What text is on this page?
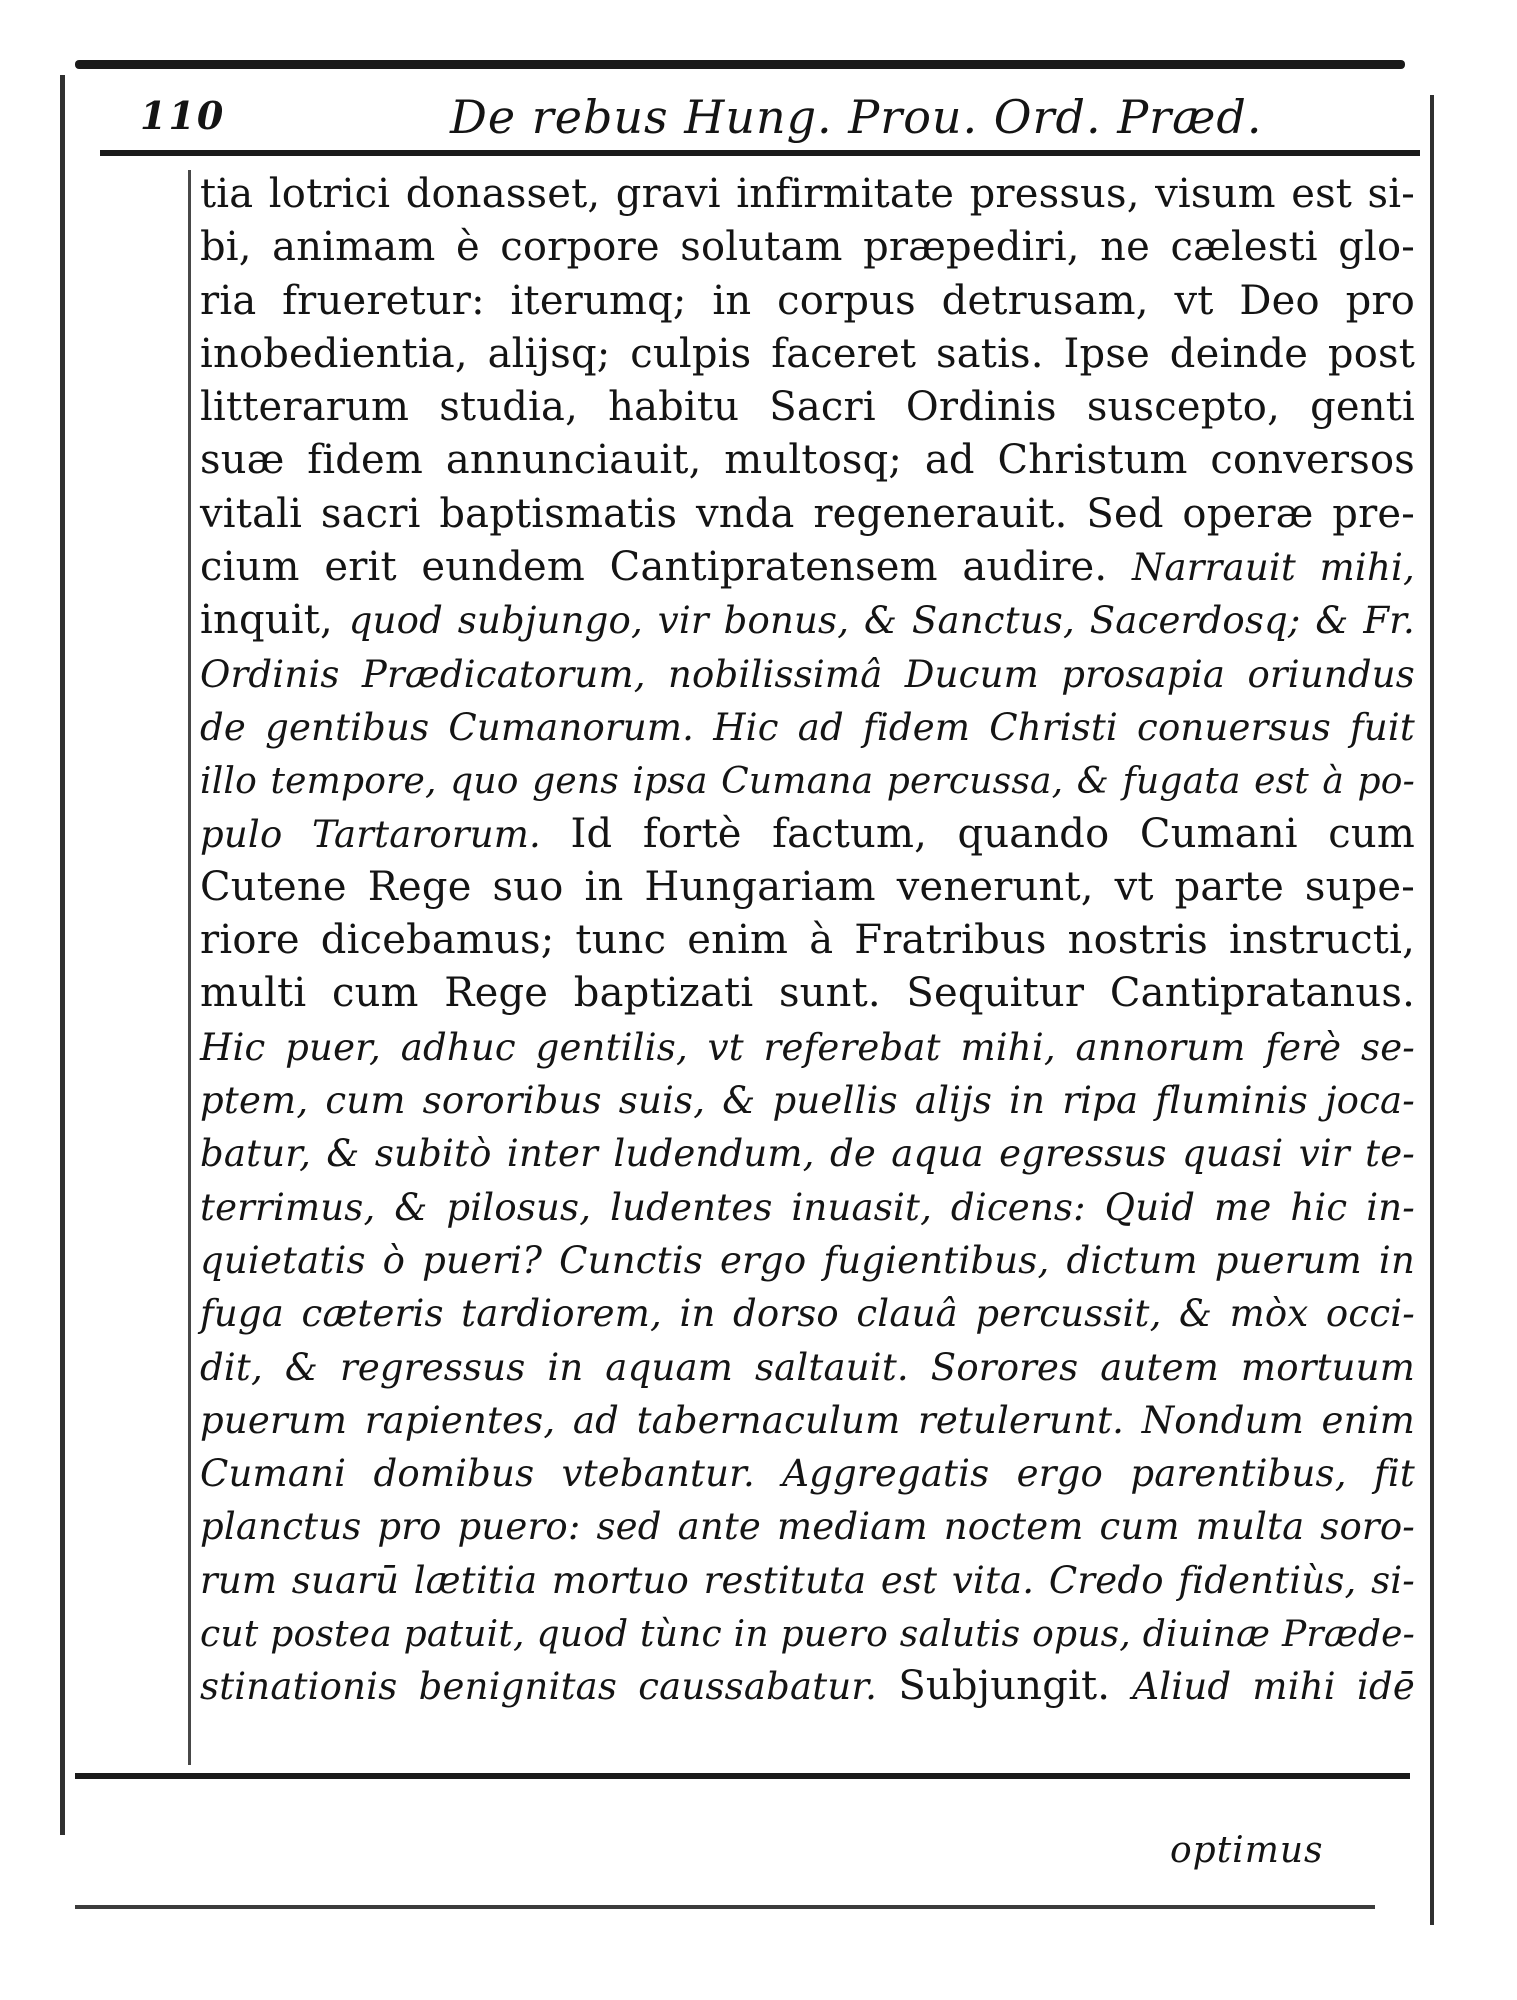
110	De rebus Hung. Prou. Ord. Præd.
tia lotrici donasset, gravi infirmitate pressus, visum est si-
bi, animam è corpore solutam præpediri, ne cælesti glo-
ria frueretur: iterumq; in corpus detrusam, vt Deo pro
inobedientia, alijsq; culpis faceret satis. Ipse deinde post
litterarum studia, habitu Sacri Ordinis suscepto, genti
suæ fidem annunciauit, multosq; ad Christum conversos
vitali sacri baptismatis vnda regenerauit. Sed operæ pre-
cium erit eundem Cantipratensem audire. Narrauit mihi,
inquit, quod subjungo, vir bonus, & Sanctus, Sacerdosq; & Fr.
Ordinis Prædicatorum, nobilissimâ Ducum prosapia oriundus
de gentibus Cumanorum. Hic ad fidem Christi conuersus fuit
illo tempore, quo gens ipsa Cumana percussa, & fugata est à po-
pulo Tartarorum. Id fortè factum, quando Cumani cum
Cutene Rege suo in Hungariam venerunt, vt parte supe-
riore dicebamus; tunc enim à Fratribus nostris instructi,
multi cum Rege baptizati sunt. Sequitur Cantipratanus.
Hic puer, adhuc gentilis, vt referebat mihi, annorum ferè se-
ptem, cum sororibus suis, & puellis alijs in ripa fluminis joca-
batur, & subitò inter ludendum, de aqua egressus quasi vir te-
terrimus, & pilosus, ludentes inuasit, dicens: Quid me hic in-
quietatis ò pueri? Cunctis ergo fugientibus, dictum puerum in
fuga cæteris tardiorem, in dorso clauâ percussit, & mòx occi-
dit, & regressus in aquam saltauit. Sorores autem mortuum
puerum rapientes, ad tabernaculum retulerunt. Nondum enim
Cumani domibus vtebantur. Aggregatis ergo parentibus, fit
planctus pro puero: sed ante mediam noctem cum multa soro-
rum suarū lætitia mortuo restituta est vita. Credo fidentiùs, si-
cut postea patuit, quod tùnc in puero salutis opus, diuinæ Præde-
stinationis benignitas caussabatur. Subjungit. Aliud mihi idē
optimus
